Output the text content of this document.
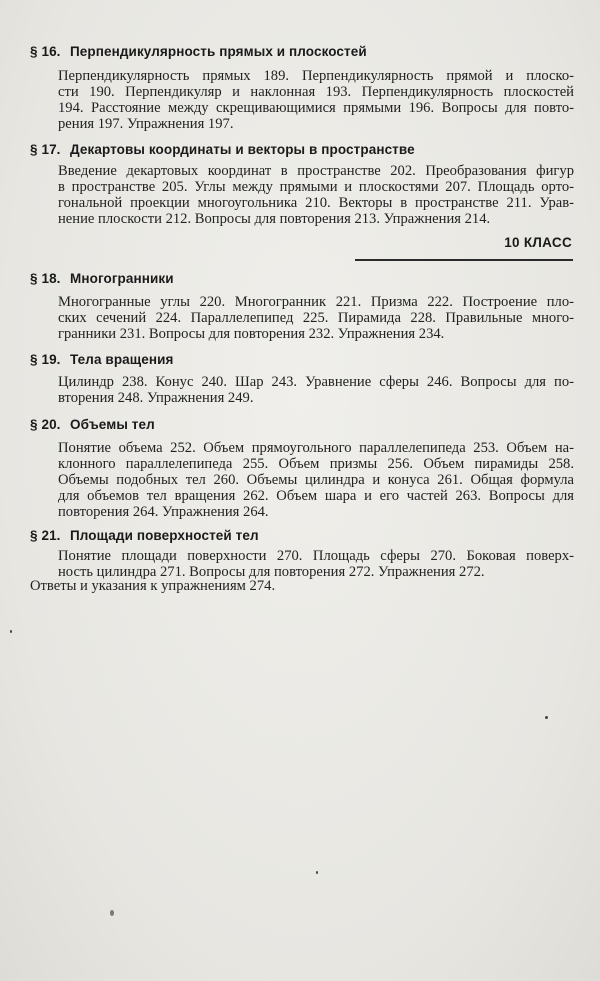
§ 16. Перпендикулярность прямых и плоскостей
Перпендикулярность прямых 189. Перпендикулярность прямой и плоско-
сти 190. Перпендикуляр и наклонная 193. Перпендикулярность плоскостей
194. Расстояние между скрещивающимися прямыми 196. Вопросы для повто-
рения 197. Упражнения 197.
§ 17. Декартовы координаты и векторы в пространстве
Введение декартовых координат в пространстве 202. Преобразования фигур
в пространстве 205. Углы между прямыми и плоскостями 207. Площадь орто-
гональной проекции многоугольника 210. Векторы в пространстве 211. Урав-
нение плоскости 212. Вопросы для повторения 213. Упражнения 214.
10 КЛАСС
§ 18. Многогранники
Многогранные углы 220. Многогранник 221. Призма 222. Построение пло-
ских сечений 224. Параллелепипед 225. Пирамида 228. Правильные много-
гранники 231. Вопросы для повторения 232. Упражнения 234.
§ 19. Тела вращения
Цилиндр 238. Конус 240. Шар 243. Уравнение сферы 246. Вопросы для по-
вторения 248. Упражнения 249.
§ 20. Объемы тел
Понятие объема 252. Объем прямоугольного параллелепипеда 253. Объем на-
клонного параллелепипеда 255. Объем призмы 256. Объем пирамиды 258.
Объемы подобных тел 260. Объемы цилиндра и конуса 261. Общая формула
для объемов тел вращения 262. Объем шара и его частей 263. Вопросы для
повторения 264. Упражнения 264.
§ 21. Площади поверхностей тел
Понятие площади поверхности 270. Площадь сферы 270. Боковая поверх-
ность цилиндра 271. Вопросы для повторения 272. Упражнения 272.
Ответы и указания к упражнениям 274.
